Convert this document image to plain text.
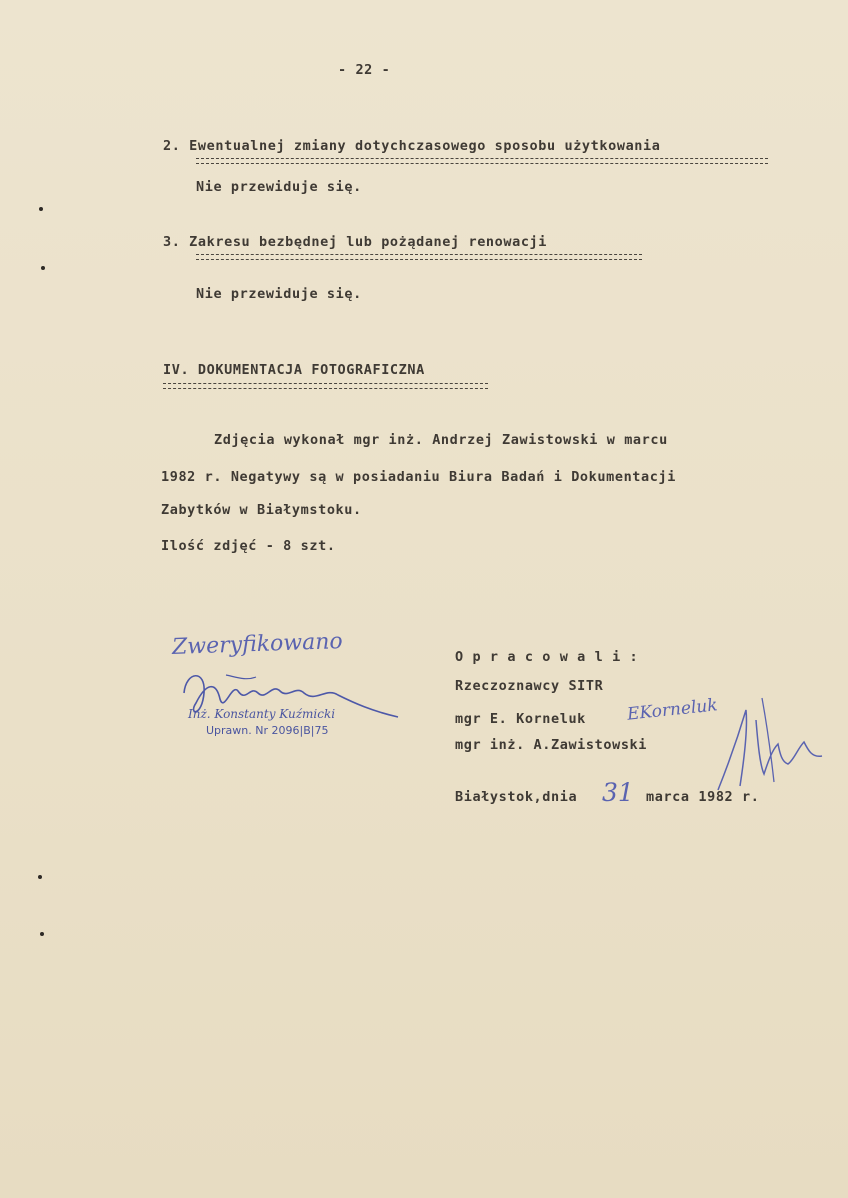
- 22 -
2. Ewentualnej zmiany dotychczasowego sposobu użytkowania
Nie przewiduje się.
3. Zakresu bezbędnej lub pożądanej renowacji
Nie przewiduje się.
IV. DOKUMENTACJA FOTOGRAFICZNA
Zdjęcia wykonał mgr inż. Andrzej Zawistowski w marcu
1982 r. Negatywy są w posiadaniu Biura Badań i Dokumentacji
Zabytków w Białymstoku.
Ilość zdjęć - 8 szt.
Zweryfikowano
Inż. Konstanty Kuźmicki
Uprawn. Nr 2096|B|75
O p r a c o w a l i :
Rzeczoznawcy SITR
mgr E. Korneluk EKorneluk
mgr inż. A.Zawistowski
Białystok,dnia 31 marca 1982 r.
